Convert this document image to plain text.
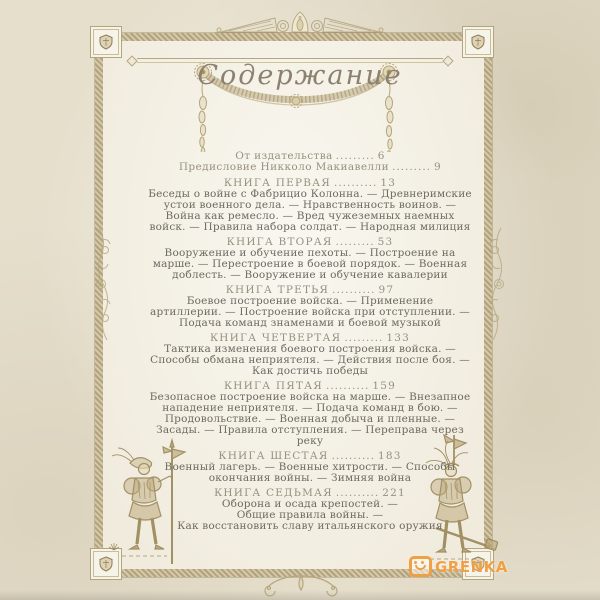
Содержание
От издательства ......... 6
Предисловие Никколо Макиавелли ......... 9
КНИГА ПЕРВАЯ .......... 13
Беседы о войне с Фабрицио Колонна. — Древнеримские
устои военного дела. — Нравственность воинов. —
Война как ремесло. — Вред чужеземных наемных
войск. — Правила набора солдат. — Народная милиция
КНИГА ВТОРАЯ ......... 53
Вооружение и обучение пехоты. — Построение на
марше. — Перестроение в боевой порядок. — Военная
доблесть. — Вооружение и обучение кавалерии
КНИГА ТРЕТЬЯ .......... 97
Боевое построение войска. — Применение
артиллерии. — Построение войска при отступлении. —
Подача команд знаменами и боевой музыкой
КНИГА ЧЕТВЕРТАЯ ......... 133
Тактика изменения боевого построения войска. —
Способы обмана неприятеля. — Действия после боя. —
Как достичь победы
КНИГА ПЯТАЯ .......... 159
Безопасное построение войска на марше. — Внезапное
нападение неприятеля. — Подача команд в бою. —
Продовольствие. — Военная добыча и пленные. —
Засады. — Правила отступления. — Переправа через
реку
КНИГА ШЕСТАЯ .......... 183
Военный лагерь. — Военные хитрости. — Способы
окончания войны. — Зимняя война
КНИГА СЕДЬМАЯ .......... 221
Оборона и осада крепостей. —
Общие правила войны. —
Как восстановить славу итальянского оружия
GRENKA
